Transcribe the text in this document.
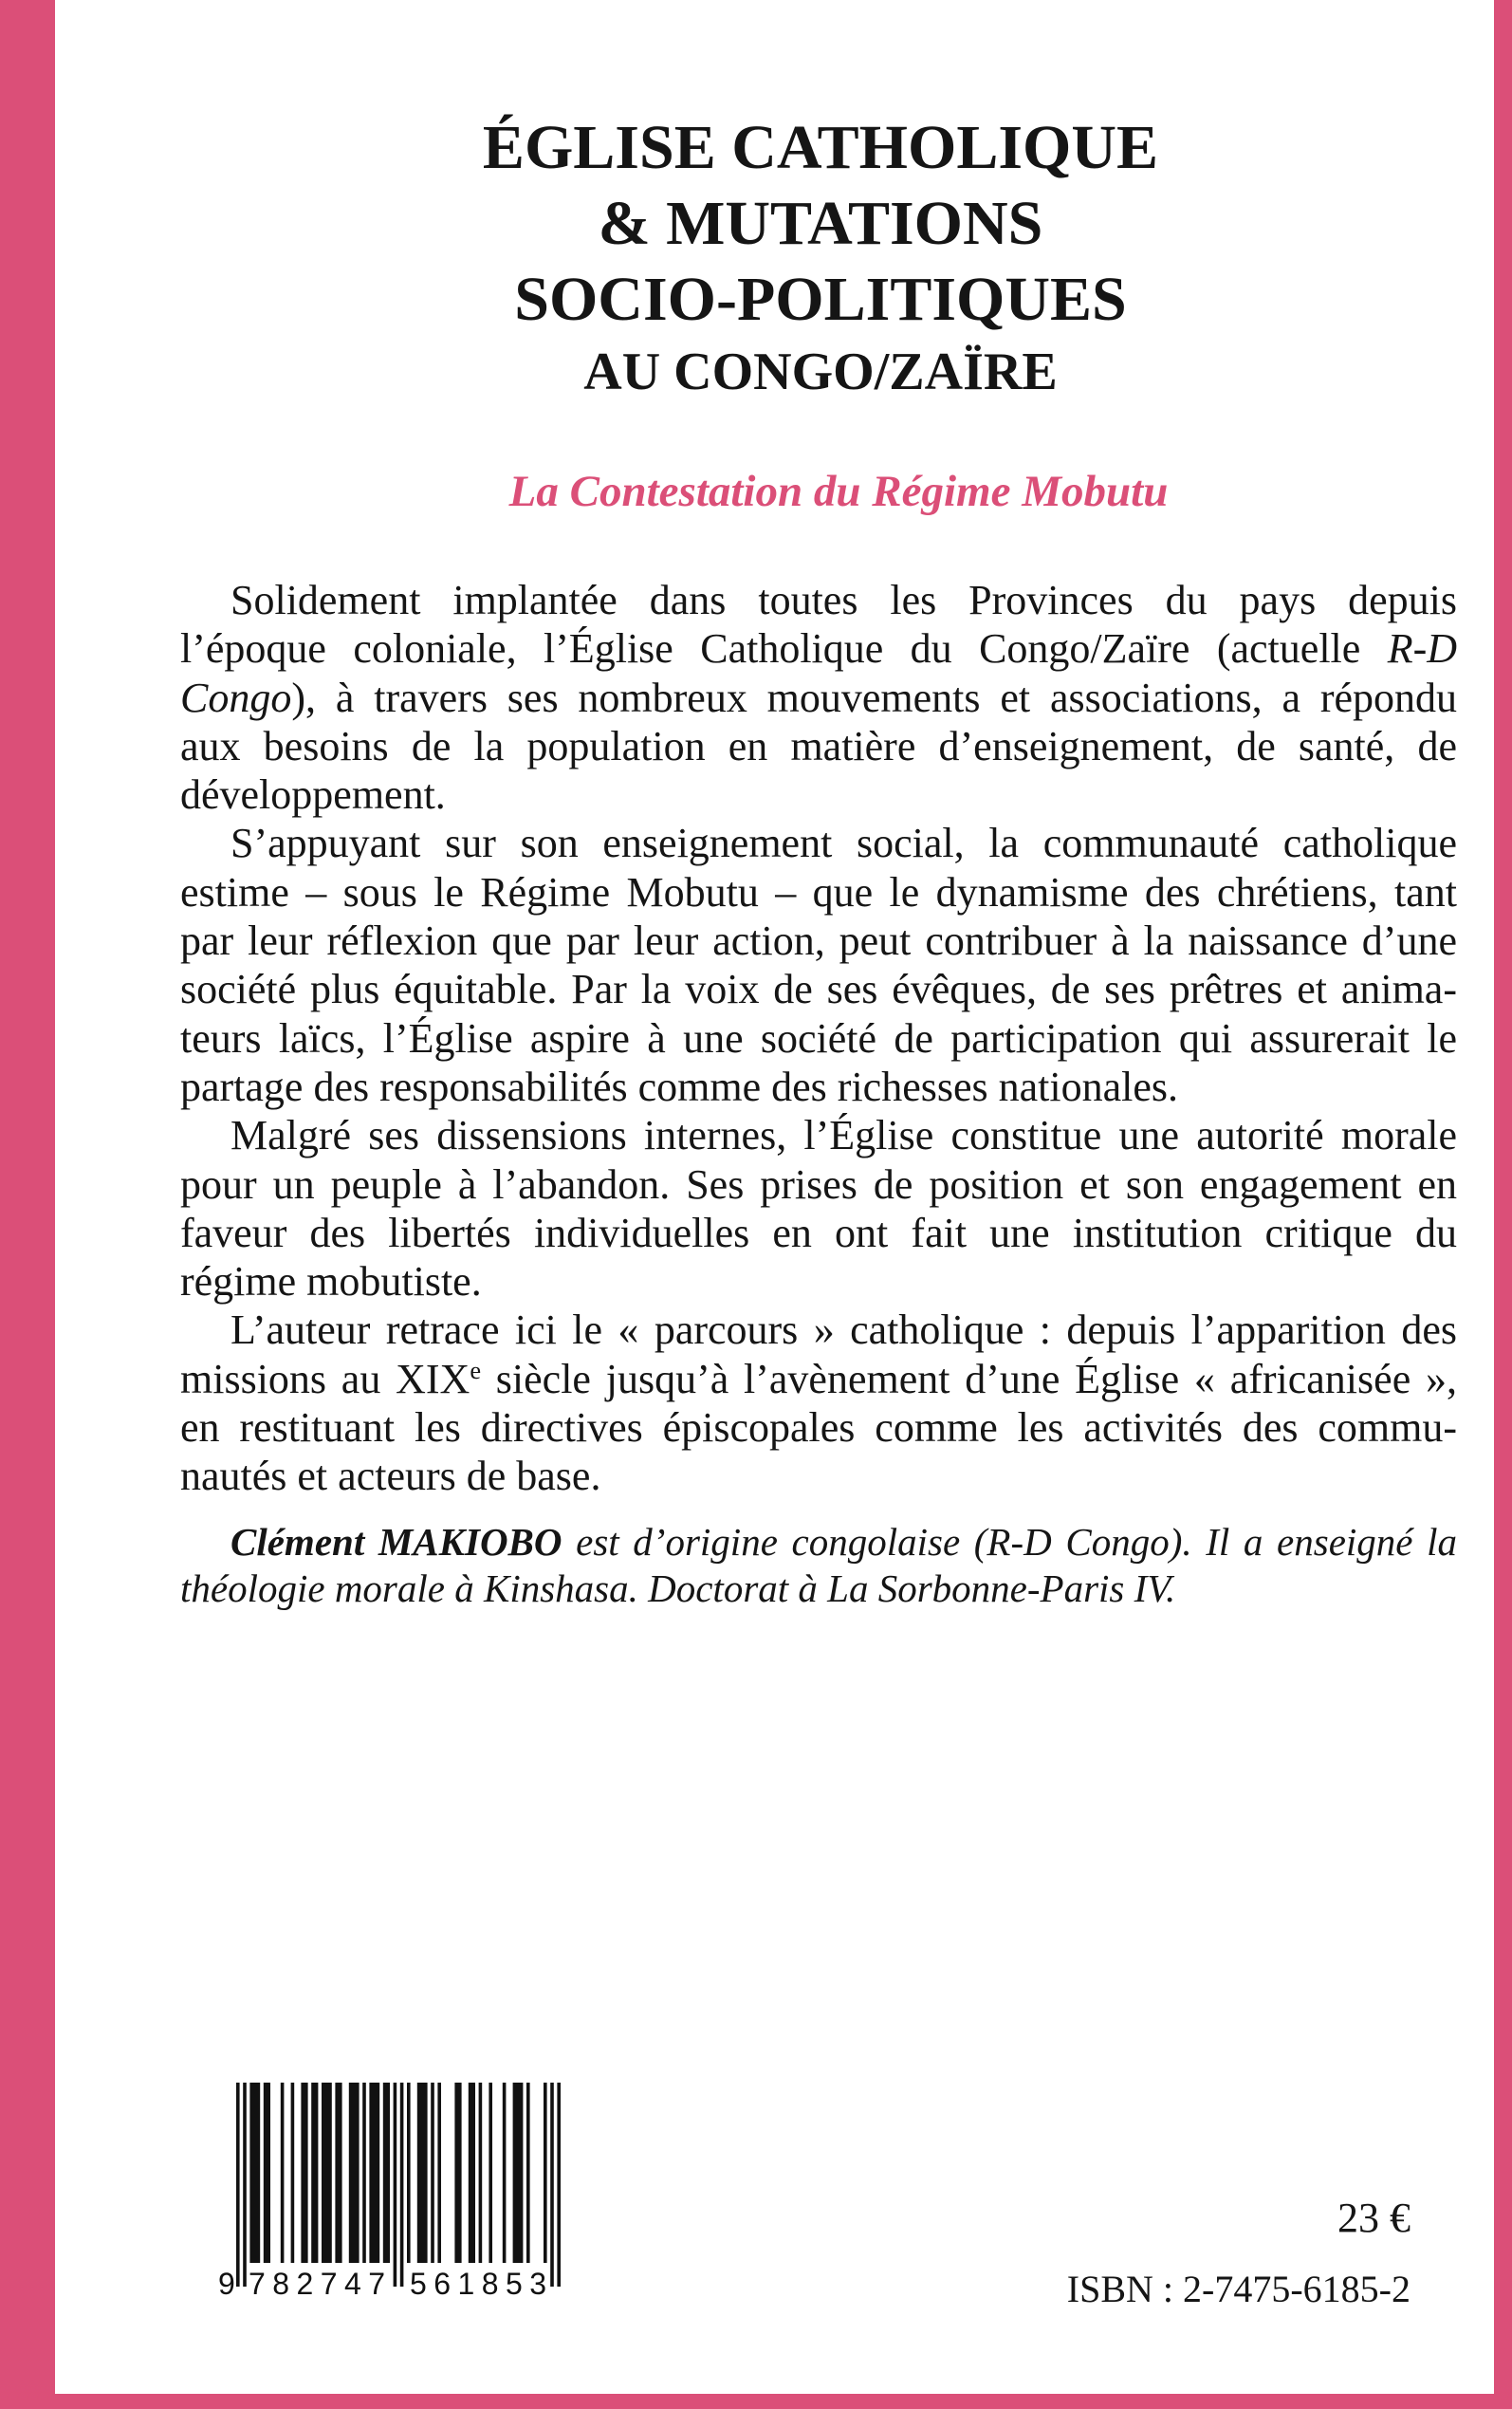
ÉGLISE CATHOLIQUE
& MUTATIONS
SOCIO-POLITIQUES
AU CONGO/ZAÏRE
La Contestation du Régime Mobutu
Solidement implantée dans toutes les Provinces du pays depuis
l’époque coloniale, l’Église Catholique du Congo/Zaïre (actuelle R-D
Congo), à travers ses nombreux mouvements et associations, a répondu
aux besoins de la population en matière d’enseignement, de santé, de
développement.
S’appuyant sur son enseignement social, la communauté catholique
estime – sous le Régime Mobutu – que le dynamisme des chrétiens, tant
par leur réflexion que par leur action, peut contribuer à la naissance d’une
société plus équitable. Par la voix de ses évêques, de ses prêtres et anima-
teurs laïcs, l’Église aspire à une société de participation qui assurerait le
partage des responsabilités comme des richesses nationales.
Malgré ses dissensions internes, l’Église constitue une autorité morale
pour un peuple à l’abandon. Ses prises de position et son engagement en
faveur des libertés individuelles en ont fait une institution critique du
régime mobutiste.
L’auteur retrace ici le « parcours » catholique : depuis l’apparition des
missions au XIXe siècle jusqu’à l’avènement d’une Église « africanisée »,
en restituant les directives épiscopales comme les activités des commu-
nautés et acteurs de base.
Clément MAKIOBO est d’origine congolaise (R-D Congo). Il a enseigné la
théologie morale à Kinshasa. Doctorat à La Sorbonne-Paris IV.
9 782747 561853
23 €
ISBN : 2-7475-6185-2
